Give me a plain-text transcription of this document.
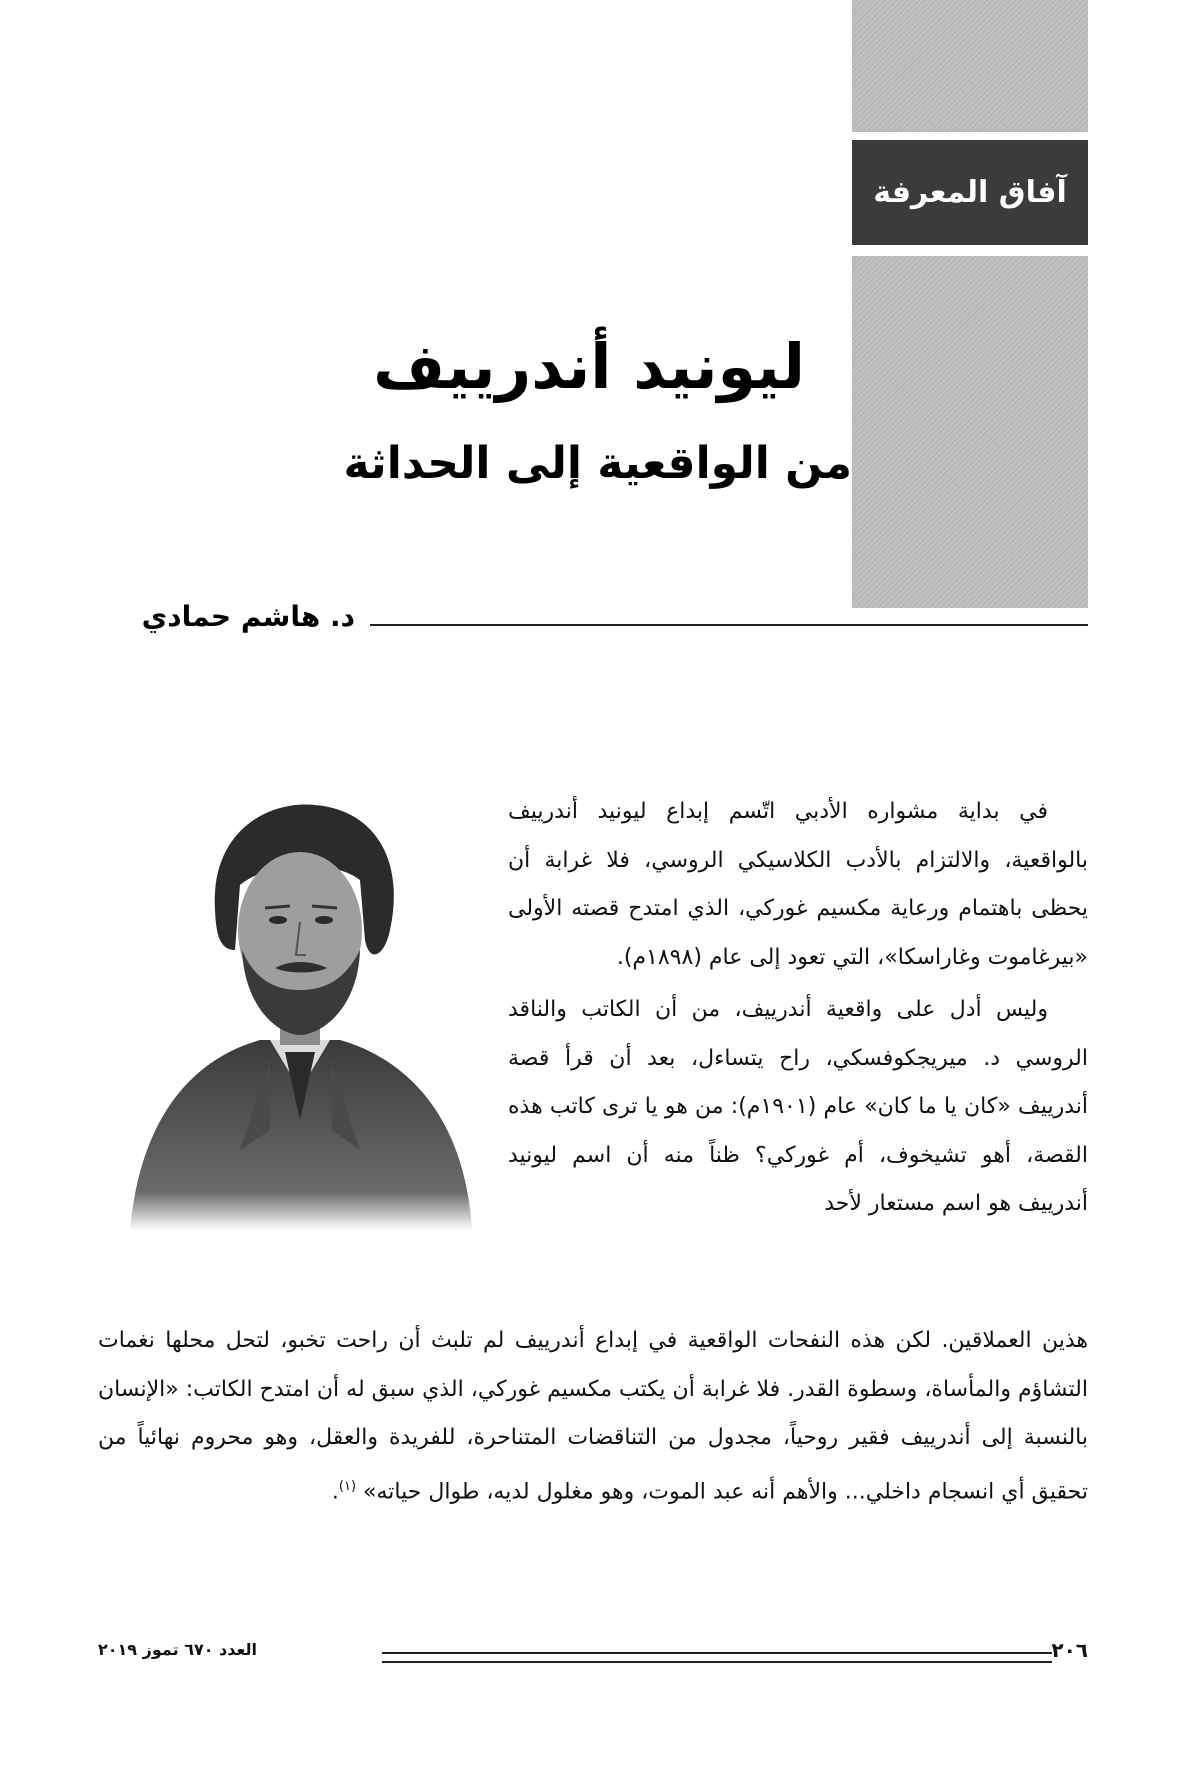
آفاق المعرفة
ليونيد أندرييف
من الواقعية إلى الحداثة
د. هاشم حمادي

في بداية مشواره الأدبي اتّسم إبداع ليونيد أندرييف بالواقعية، والالتزام بالأدب الكلاسيكي الروسي، فلا غرابة أن يحظى باهتمام ورعاية مكسيم غوركي، الذي امتدح قصته الأولى «بيرغاموت وغاراسكا»، التي تعود إلى عام (١٨٩٨م).

وليس أدل على واقعية أندرييف، من أن الكاتب والناقد الروسي د. ميريجكوفسكي، راح يتساءل، بعد أن قرأ قصة أندرييف «كان يا ما كان» عام (١٩٠١م): من هو يا ترى كاتب هذه القصة، أهو تشيخوف، أم غوركي؟ ظناً منه أن اسم ليونيد أندرييف هو اسم مستعار لأحد

هذين العملاقين. لكن هذه النفحات الواقعية في إبداع أندرييف لم تلبث أن راحت تخبو، لتحل محلها نغمات التشاؤم والمأساة، وسطوة القدر. فلا غرابة أن يكتب مكسيم غوركي، الذي سبق له أن امتدح الكاتب: «الإنسان بالنسبة إلى أندرييف فقير روحياً، مجدول من التناقضات المتناحرة، للفريدة والعقل، وهو محروم نهائياً من تحقيق أي انسجام داخلي... والأهم أنه عبد الموت، وهو مغلول لديه، طوال حياته» $^{(١)}$.

٢٠٦
العدد ٦٧٠ تموز ٢٠١٩
